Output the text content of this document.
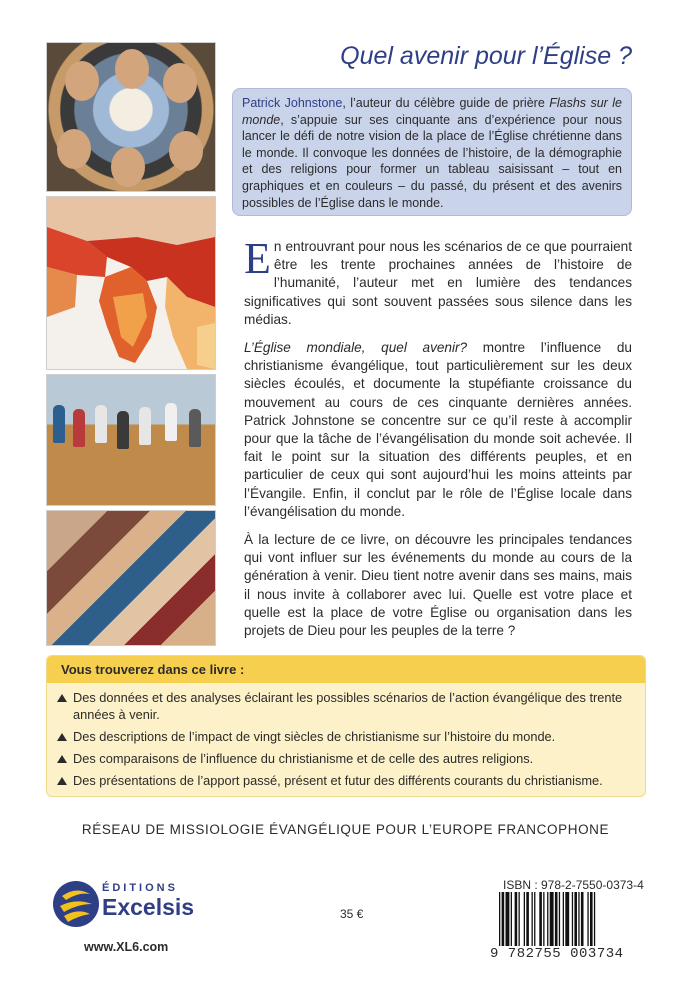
Quel avenir pour l’Église ?
Patrick Johnstone, l’auteur du célèbre guide de prière Flashs sur le monde, s’appuie sur ses cinquante ans d’expérience pour nous lancer le défi de notre vision de la place de l’Église chrétienne dans le monde. Il convoque les données de l’histoire, de la démographie et des religions pour former un tableau saisissant – tout en graphiques et en couleurs – du passé, du présent et des avenirs possibles de l’Église dans le monde.

En entrouvrant pour nous les scénarios de ce que pourraient être les trente prochaines années de l’histoire de l’humanité, l’auteur met en lumière des tendances significatives qui sont souvent passées sous silence dans les médias.

L’Église mondiale, quel avenir? montre l’influence du christianisme évangélique, tout particulièrement sur les deux siècles écoulés, et documente la stupéfiante croissance du mouvement au cours de ces cinquante dernières années. Patrick Johnstone se concentre sur ce qu’il reste à accomplir pour que la tâche de l’évangélisation du monde soit achevée. Il fait le point sur la situation des différents peuples, et en particulier de ceux qui sont aujourd’hui les moins atteints par l’Évangile. Enfin, il conclut par le rôle de l’Église locale dans l’évangélisation du monde.

À la lecture de ce livre, on découvre les principales tendances qui vont influer sur les événements du monde au cours de la génération à venir. Dieu tient notre avenir dans ses mains, mais il nous invite à collaborer avec lui. Quelle est votre place et quelle est la place de votre Église ou organisation dans les projets de Dieu pour les peuples de la terre ?

Vous trouverez dans ce livre :
Des données et des analyses éclairant les possibles scénarios de l’action évangélique des trente années à venir.
Des descriptions de l’impact de vingt siècles de christianisme sur l’histoire du monde.
Des comparaisons de l’influence du christianisme et de celle des autres religions.
Des présentations de l’apport passé, présent et futur des différents courants du christianisme.
RÉSEAU DE MISSIOLOGIE ÉVANGÉLIQUE POUR L’EUROPE FRANCOPHONE
ÉDITIONS
Excelsis
www.XL6.com
35 €
ISBN : 978-2-7550-0373-4
9 782755 003734
